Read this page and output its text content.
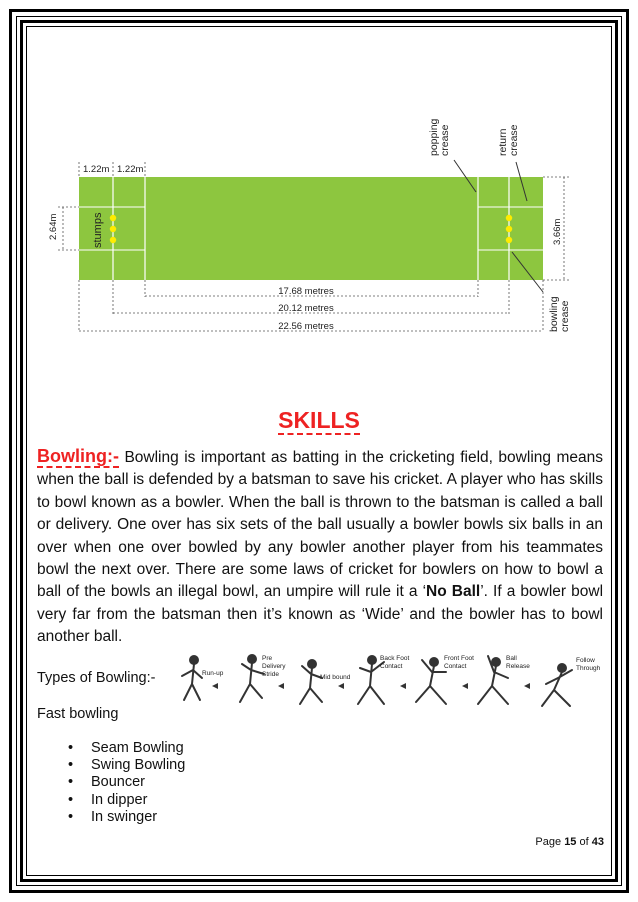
1.22m 1.22m
2.64m	stumps	3.66m
popping crease	return crease
bowling crease
17.68 metres
20.12 metres
22.56 metres
SKILLS
Bowling:- Bowling is important as batting in the cricketing field, bowling means when the ball is defended by a batsman to save his cricket. A player who has skills to bowl known as a bowler. When the ball is thrown to the batsman is called a ball or delivery. One over has six sets of the ball usually a bowler bowls six balls in an over when one over bowled by any bowler another player from his teammates bowl the next over. There are some laws of cricket for bowlers on how to bowl a ball of the bowls an illegal bowl, an umpire will rule it a ‘No Ball’. If a bowler bowl very far from the batsman then it’s known as ‘Wide’ and the bowler has to bowl another ball.
Types of Bowling:-
Fast bowling
Run-up
Pre
Delivery
Stride	Mid bound
Back Foot
Contact
Front Foot
Contact
Ball
Release
Follow
Through
• Seam Bowling
• Swing Bowling
• Bouncer
• In dipper
• In swinger
Page 15 of 43
